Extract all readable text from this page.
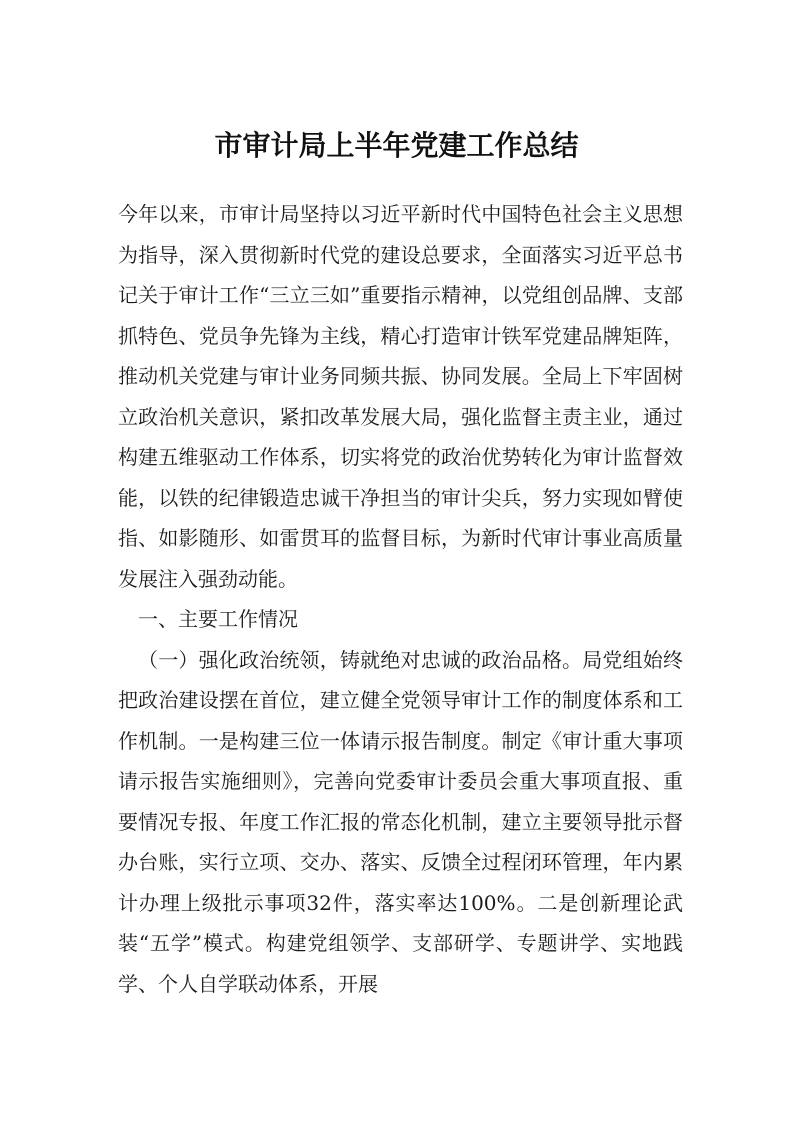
市审计局上半年党建工作总结

今年以来，市审计局坚持以习近平新时代中国特色社会主义思想为指导，深入贯彻新时代党的建设总要求，全面落实习近平总书记关于审计工作“三立三如”重要指示精神，以党组创品牌、支部抓特色、党员争先锋为主线，精心打造审计铁军党建品牌矩阵，推动机关党建与审计业务同频共振、协同发展。全局上下牢固树立政治机关意识，紧扣改革发展大局，强化监督主责主业，通过构建五维驱动工作体系，切实将党的政治优势转化为审计监督效能，以铁的纪律锻造忠诚干净担当的审计尖兵，努力实现如臂使指、如影随形、如雷贯耳的监督目标，为新时代审计事业高质量发展注入强劲动能。

一、主要工作情况

（一）强化政治统领，铸就绝对忠诚的政治品格。局党组始终把政治建设摆在首位，建立健全党领导审计工作的制度体系和工作机制。一是构建三位一体请示报告制度。制定《审计重大事项请示报告实施细则》，完善向党委审计委员会重大事项直报、重要情况专报、年度工作汇报的常态化机制，建立主要领导批示督办台账，实行立项、交办、落实、反馈全过程闭环管理，年内累计办理上级批示事项32件，落实率达100%。二是创新理论武装“五学”模式。构建党组领学、支部研学、专题讲学、实地践学、个人自学联动体系，开展
